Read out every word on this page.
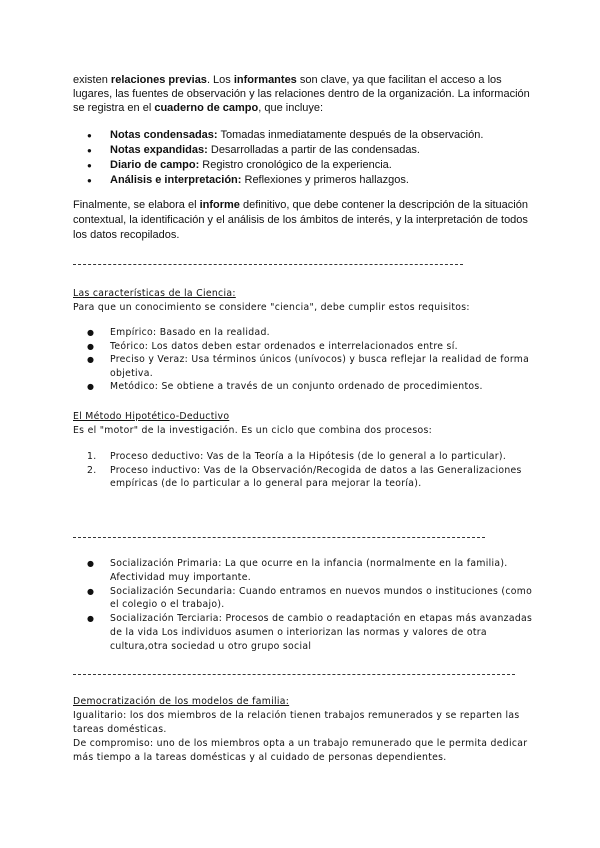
existen relaciones previas. Los informantes son clave, ya que facilitan el acceso a los lugares, las fuentes de observación y las relaciones dentro de la organización. La información se registra en el cuaderno de campo, que incluye:

● Notas condensadas: Tomadas inmediatamente después de la observación.
● Notas expandidas: Desarrolladas a partir de las condensadas.
● Diario de campo: Registro cronológico de la experiencia.
● Análisis e interpretación: Reflexiones y primeros hallazgos.

Finalmente, se elabora el informe definitivo, que debe contener la descripción de la situación contextual, la identificación y el análisis de los ámbitos de interés, y la interpretación de todos los datos recopilados.

Las características de la Ciencia:

Para que un conocimiento se considere "ciencia", debe cumplir estos requisitos:

● Empírico: Basado en la realidad.
● Teórico: Los datos deben estar ordenados e interrelacionados entre sí.
● Preciso y Veraz: Usa términos únicos (unívocos) y busca reflejar la realidad de forma objetiva.
● Metódico: Se obtiene a través de un conjunto ordenado de procedimientos.

El Método Hipotético-Deductivo

Es el "motor" de la investigación. Es un ciclo que combina dos procesos:

1. Proceso deductivo: Vas de la Teoría a la Hipótesis (de lo general a lo particular).
2. Proceso inductivo: Vas de la Observación/Recogida de datos a las Generalizaciones empíricas (de lo particular a lo general para mejorar la teoría).
● Socialización Primaria: La que ocurre en la infancia (normalmente en la familia). Afectividad muy importante.
● Socialización Secundaria: Cuando entramos en nuevos mundos o instituciones (como el colegio o el trabajo).
● Socialización Terciaria: Procesos de cambio o readaptación en etapas más avanzadas de la vida Los individuos asumen o interiorizan las normas y valores de otra cultura,otra sociedad u otro grupo social

Democratización de los modelos de familia:

Igualitario: los dos miembros de la relación tienen trabajos remunerados y se reparten las tareas domésticas.

De compromiso: uno de los miembros opta a un trabajo remunerado que le permita dedicar más tiempo a la tareas domésticas y al cuidado de personas dependientes.
